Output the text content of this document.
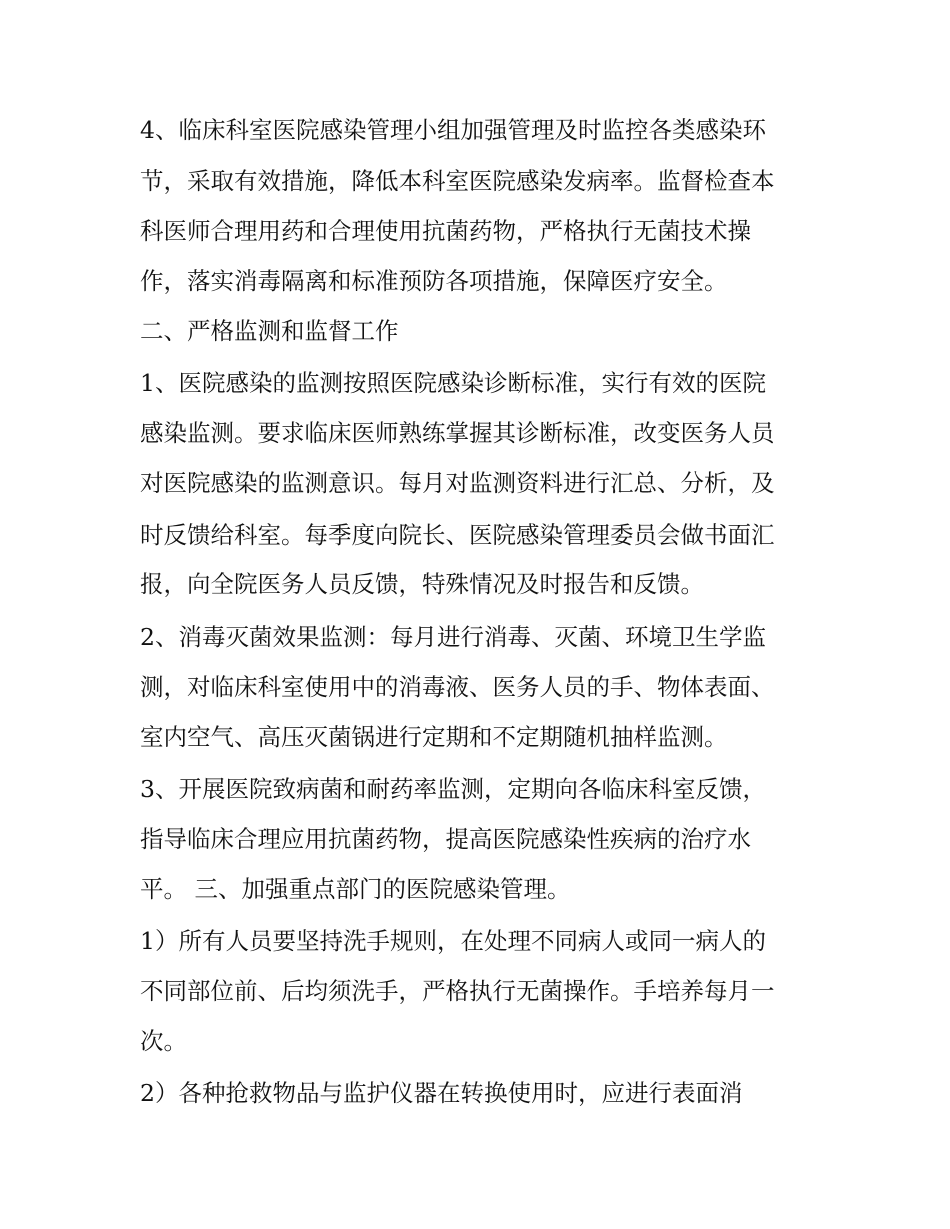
4、临床科室医院感染管理小组加强管理及时监控各类感染环

节，采取有效措施，降低本科室医院感染发病率。监督检查本

科医师合理用药和合理使用抗菌药物，严格执行无菌技术操

作，落实消毒隔离和标准预防各项措施，保障医疗安全。

二、严格监测和监督工作

1、医院感染的监测按照医院感染诊断标准，实行有效的医院

感染监测。要求临床医师熟练掌握其诊断标准，改变医务人员

对医院感染的监测意识。每月对监测资料进行汇总、分析，及

时反馈给科室。每季度向院长、医院感染管理委员会做书面汇

报，向全院医务人员反馈，特殊情况及时报告和反馈。

2、消毒灭菌效果监测：每月进行消毒、灭菌、环境卫生学监

测，对临床科室使用中的消毒液、医务人员的手、物体表面、

室内空气、高压灭菌锅进行定期和不定期随机抽样监测。

3、开展医院致病菌和耐药率监测，定期向各临床科室反馈，

指导临床合理应用抗菌药物，提高医院感染性疾病的治疗水

平。 三、加强重点部门的医院感染管理。

1）所有人员要坚持洗手规则，在处理不同病人或同一病人的

不同部位前、后均须洗手，严格执行无菌操作。手培养每月一

次。

2）各种抢救物品与监护仪器在转换使用时，应进行表面消
